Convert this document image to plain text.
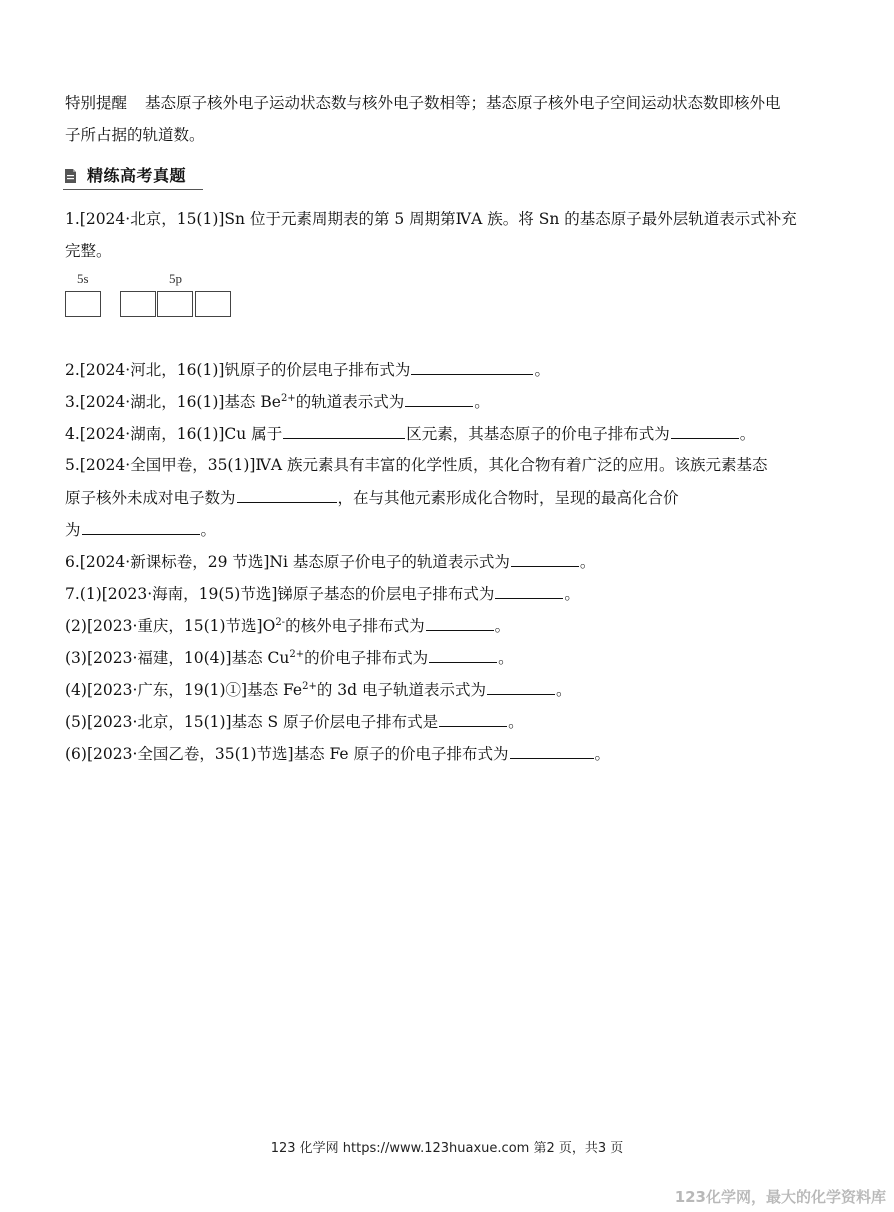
特别提醒 基态原子核外电子运动状态数与核外电子数相等；基态原子核外电子空间运动状态数即核外电
子所占据的轨道数。
精练高考真题
1.[2024·北京，15(1)]Sn 位于元素周期表的第 5 周期第ⅣA 族。将 Sn 的基态原子最外层轨道表示式补充
完整。
5s	5p
2.[2024·河北，16(1)]钒原子的价层电子排布式为	。
3.[2024·湖北，16(1)]基态 $Be^{2+}$的轨道表示式为	。
4.[2024·湖南，16(1)]Cu 属于	区元素，其基态原子的价电子排布式为	。
5.[2024·全国甲卷，35(1)]ⅣA 族元素具有丰富的化学性质，其化合物有着广泛的应用。该族元素基态
原子核外未成对电子数为	，在与其他元素形成化合物时，呈现的最高化合价
为	。
6.[2024·新课标卷，29 节选]Ni 基态原子价电子的轨道表示式为	。
7.(1)[2023·海南，19(5)节选]锑原子基态的价层电子排布式为	。
(2)[2023·重庆，15(1)节选]$O^{2-}$的核外电子排布式为	。
(3)[2023·福建，10(4)]基态 $Cu^{2+}$的价电子排布式为	。
(4)[2023·广东，19(1)①]基态 $Fe^{2+}$的 3d 电子轨道表示式为	。
(5)[2023·北京，15(1)]基态 S 原子价层电子排布式是	。
(6)[2023·全国乙卷，35(1)节选]基态 Fe 原子的价电子排布式为	。
123 化学网 https://www.123huaxue.com 第2 页，共3 页
123化学网，最大的化学资料库
